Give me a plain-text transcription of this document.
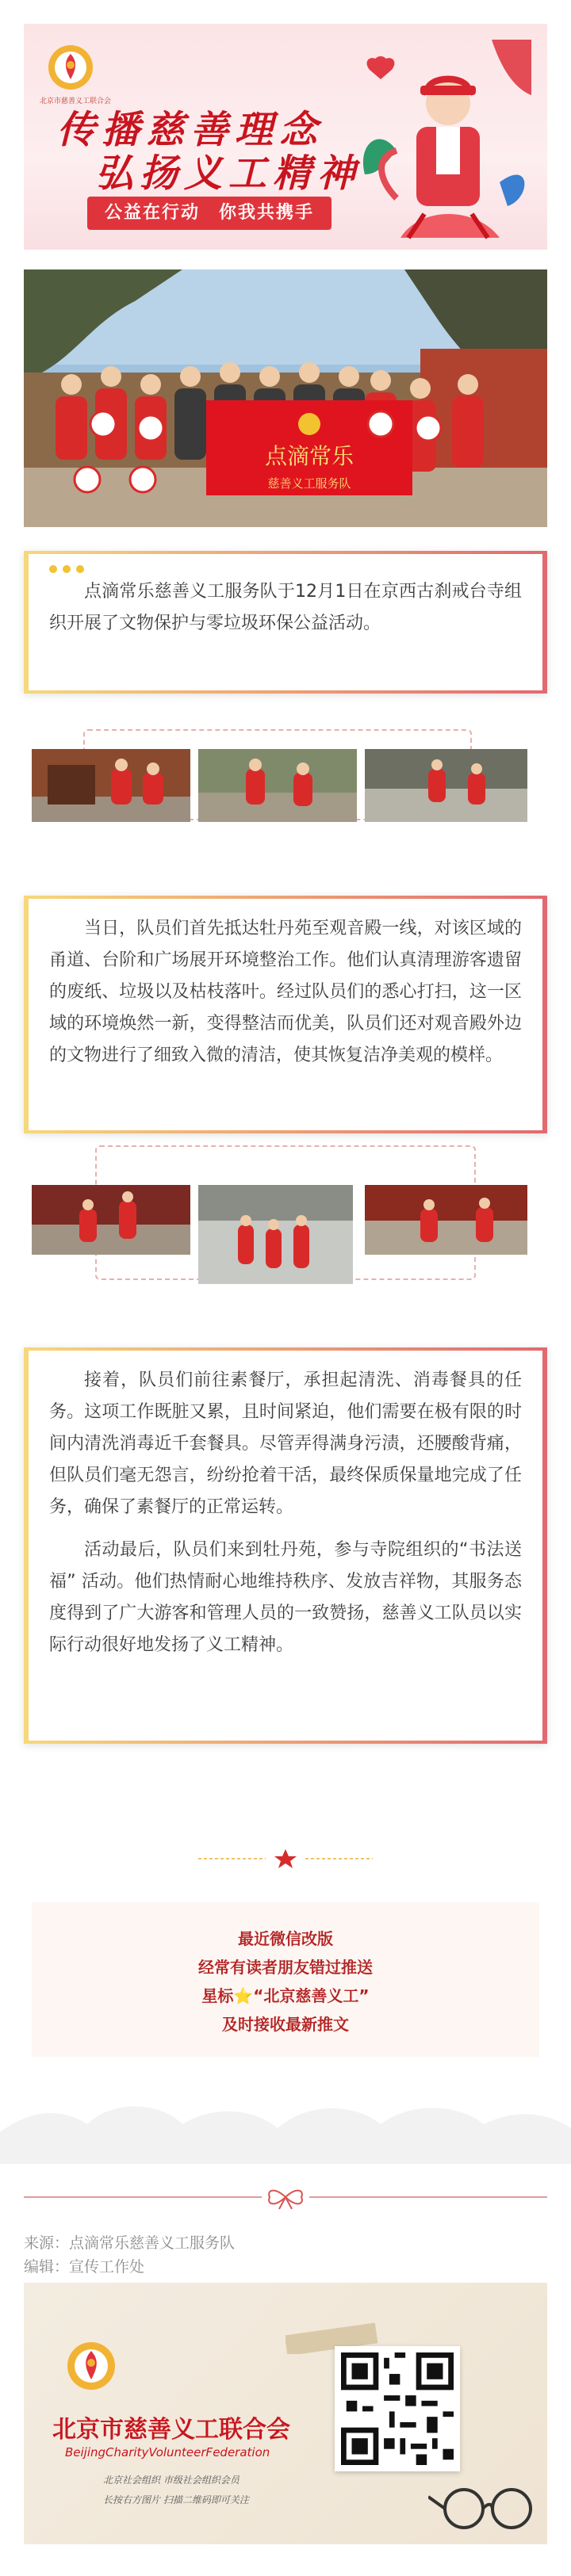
北京市慈善义工联合会
传播慈善理念
弘扬义工精神
公益在行动　你我共携手
点滴常乐
慈善义工服务队

点滴常乐慈善义工服务队于12月1日在京西古刹戒台寺组织开展了文物保护与零垃圾环保公益活动。

当日，队员们首先抵达牡丹苑至观音殿一线，对该区域的甬道、台阶和广场展开环境整治工作。他们认真清理游客遗留的废纸、垃圾以及枯枝落叶。经过队员们的悉心打扫，这一区域的环境焕然一新，变得整洁而优美，队员们还对观音殿外边的文物进行了细致入微的清洁，使其恢复洁净美观的模样。

接着，队员们前往素餐厅，承担起清洗、消毒餐具的任务。这项工作既脏又累，且时间紧迫，他们需要在极有限的时间内清洗消毒近千套餐具。尽管弄得满身污渍，还腰酸背痛，但队员们毫无怨言，纷纷抢着干活，最终保质保量地完成了任务，确保了素餐厅的正常运转。

活动最后，队员们来到牡丹苑，参与寺院组织的“书法送福” 活动。他们热情耐心地维持秩序、发放吉祥物，其服务态度得到了广大游客和管理人员的一致赞扬，慈善义工队员以实际行动很好地发扬了义工精神。

最近微信改版
经常有读者朋友错过推送
星标⭐“北京慈善义工”
及时接收最新推文
来源：点滴常乐慈善义工服务队
编辑：宣传工作处
北京市慈善义工联合会
BeijingCharityVolunteerFederation
北京社会组织 市级社会组织会员
长按右方图片 扫描二维码即可关注
